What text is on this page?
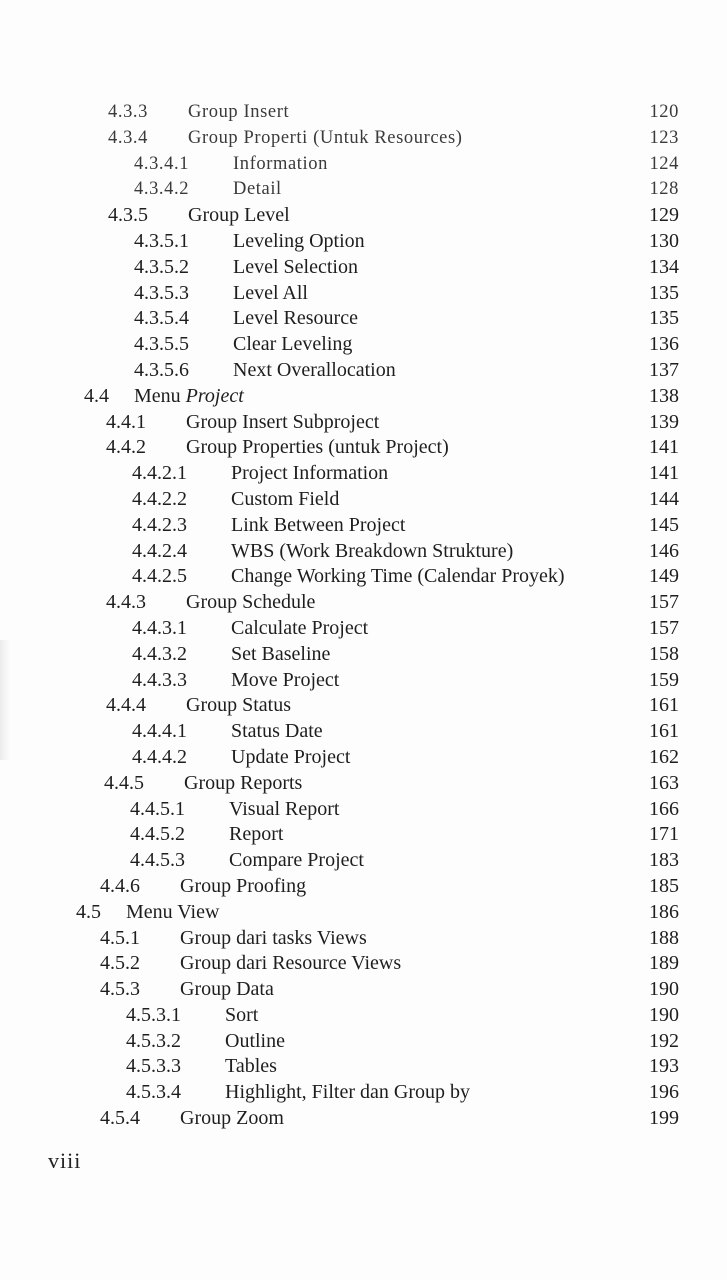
4.3.3 Group Insert	120
4.3.4 Group Properti (Untuk Resources)	123
4.3.4.1 Information	124
4.3.4.2 Detail	128
4.3.5 Group Level	129
4.3.5.1 Leveling Option	130
4.3.5.2 Level Selection	134
4.3.5.3 Level All	135
4.3.5.4 Level Resource	135
4.3.5.5 Clear Leveling	136
4.3.5.6 Next Overallocation	137
4.4 Menu Project	138
4.4.1 Group Insert Subproject	139
4.4.2 Group Properties (untuk Project)	141
4.4.2.1 Project Information	141
4.4.2.2 Custom Field	144
4.4.2.3 Link Between Project	145
4.4.2.4 WBS (Work Breakdown Strukture)	146
4.4.2.5 Change Working Time (Calendar Proyek)	149
4.4.3 Group Schedule	157
4.4.3.1 Calculate Project	157
4.4.3.2 Set Baseline	158
4.4.3.3 Move Project	159
4.4.4 Group Status	161
4.4.4.1 Status Date	161
4.4.4.2 Update Project	162
4.4.5 Group Reports	163
4.4.5.1 Visual Report	166
4.4.5.2 Report	171
4.4.5.3 Compare Project	183
4.4.6 Group Proofing	185
4.5 Menu View	186
4.5.1 Group dari tasks Views	188
4.5.2 Group dari Resource Views	189
4.5.3 Group Data	190
4.5.3.1 Sort	190
4.5.3.2 Outline	192
4.5.3.3 Tables	193
4.5.3.4 Highlight, Filter dan Group by	196
4.5.4 Group Zoom	199
viii
